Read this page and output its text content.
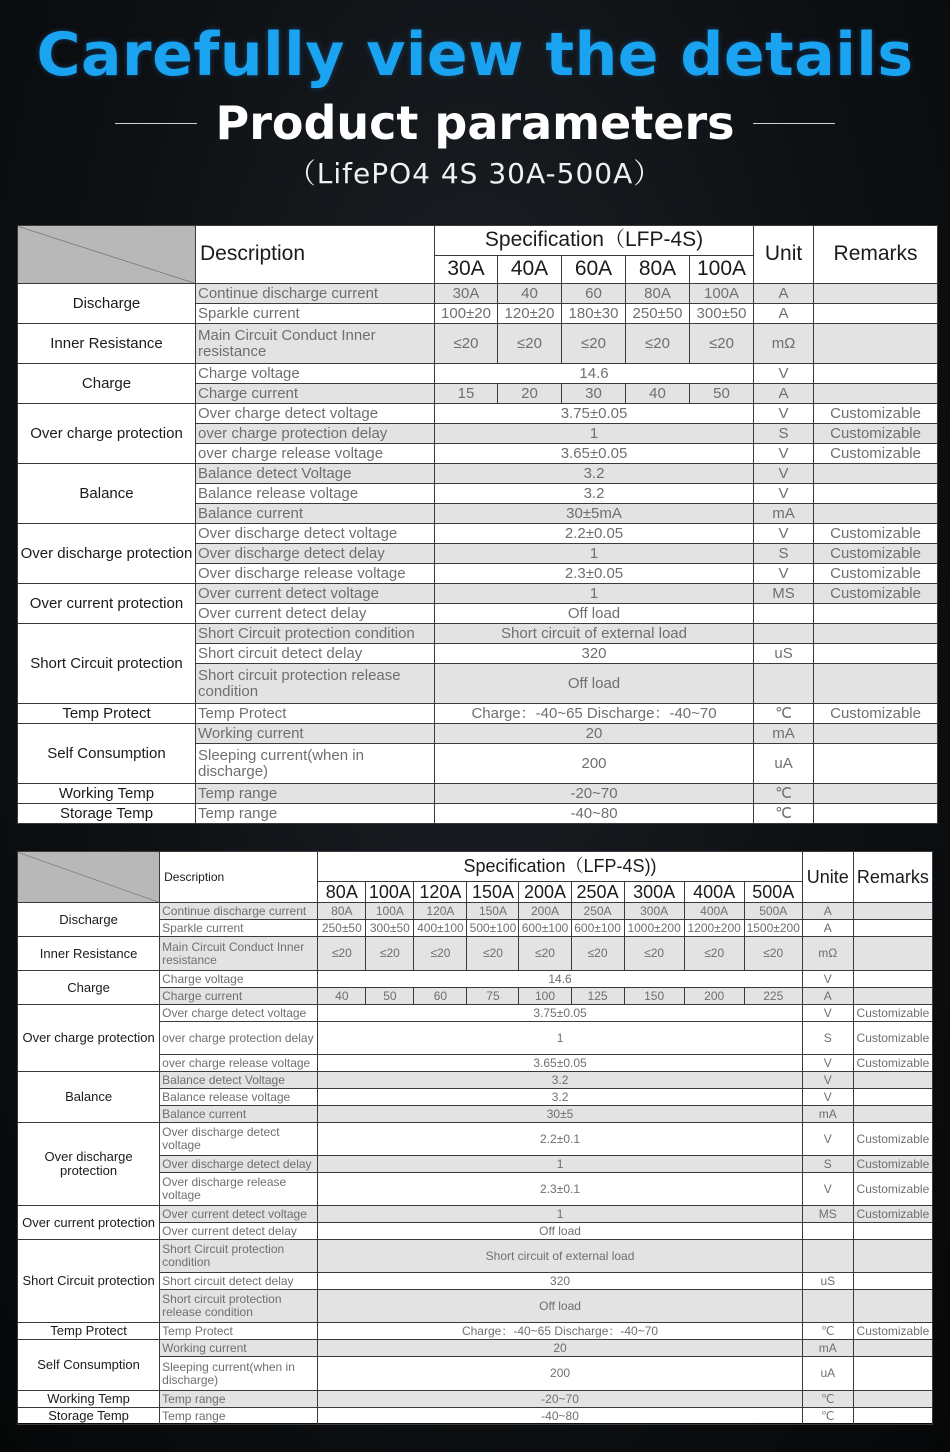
Carefully view the details
Product parameters
（LifePO4 4S 30A-500A）
	Description	Specification（LFP-4S)					Unit	Remarks
		30A	40A	60A	80A	100A		
Discharge	Continue discharge current	30A	40	60	80A	100A	A	
	Sparkle current	100±20	120±20	180±30	250±50	300±50	A	
Inner Resistance	Main Circuit Conduct Inner resistance	≤20	≤20	≤20	≤20	≤20	mΩ	
Charge	Charge voltage	14.6					V	
	Charge current	15	20	30	40	50	A	
Over charge protection	Over charge detect voltage	3.75±0.05					V	Customizable
	over charge protection delay	1					S	Customizable
	over charge release voltage	3.65±0.05					V	Customizable
Balance	Balance detect Voltage	3.2					V	
	Balance release voltage	3.2					V	
	Balance current	30±5mA					mA	
Over discharge protection	Over discharge detect voltage	2.2±0.05					V	Customizable
	Over discharge detect delay	1					S	Customizable
	Over discharge release voltage	2.3±0.05					V	Customizable
Over current protection	Over current detect voltage	1					MS	Customizable
	Over current detect delay	Off load						
Short Circuit protection	Short Circuit protection condition	Short circuit of external load						
	Short circuit detect delay	320					uS	
	Short circuit protection release condition	Off load						
Temp Protect	Temp Protect	Charge：-40~65 Discharge：-40~70					℃	Customizable
Self Consumption	Working current	20					mA	
	Sleeping current(when in discharge)	200					uA	
Working Temp	Temp range	-20~70					℃	
Storage Temp	Temp range	-40~80					℃	
	Description	Specification（LFP-4S))									Unite	Remarks
		80A	100A	120A	150A	200A	250A	300A	400A	500A		
Discharge	Continue discharge current	80A	100A	120A	150A	200A	250A	300A	400A	500A	A	
	Sparkle current	250±50	300±50	400±100	500±100	600±100	600±100	1000±200	1200±200	1500±200	A	
Inner Resistance	Main Circuit Conduct Inner resistance	≤20	≤20	≤20	≤20	≤20	≤20	≤20	≤20	≤20	mΩ	
Charge	Charge voltage	14.6									V	
	Charge current	40	50	60	75	100	125	150	200	225	A	
Over charge protection	Over charge detect voltage	3.75±0.05									V	Customizable
	over charge protection delay	1									S	Customizable
	over charge release voltage	3.65±0.05									V	Customizable
Balance	Balance detect Voltage	3.2									V	
	Balance release voltage	3.2									V	
	Balance current	30±5									mA	
Over discharge protection	Over discharge detect voltage	2.2±0.1									V	Customizable
	Over discharge detect delay	1									S	Customizable
	Over discharge release voltage	2.3±0.1									V	Customizable
Over current protection	Over current detect voltage	1									MS	Customizable
	Over current detect delay	Off load										
Short Circuit protection	Short Circuit protection condition	Short circuit of external load										
	Short circuit detect delay	320									uS	
	Short circuit protection release condition	Off load										
Temp Protect	Temp Protect	Charge：-40~65 Discharge：-40~70									℃	Customizable
Self Consumption	Working current	20									mA	
	Sleeping current(when in discharge)	200									uA	
Working Temp	Temp range	-20~70									℃	
Storage Temp	Temp range	-40~80									℃	
